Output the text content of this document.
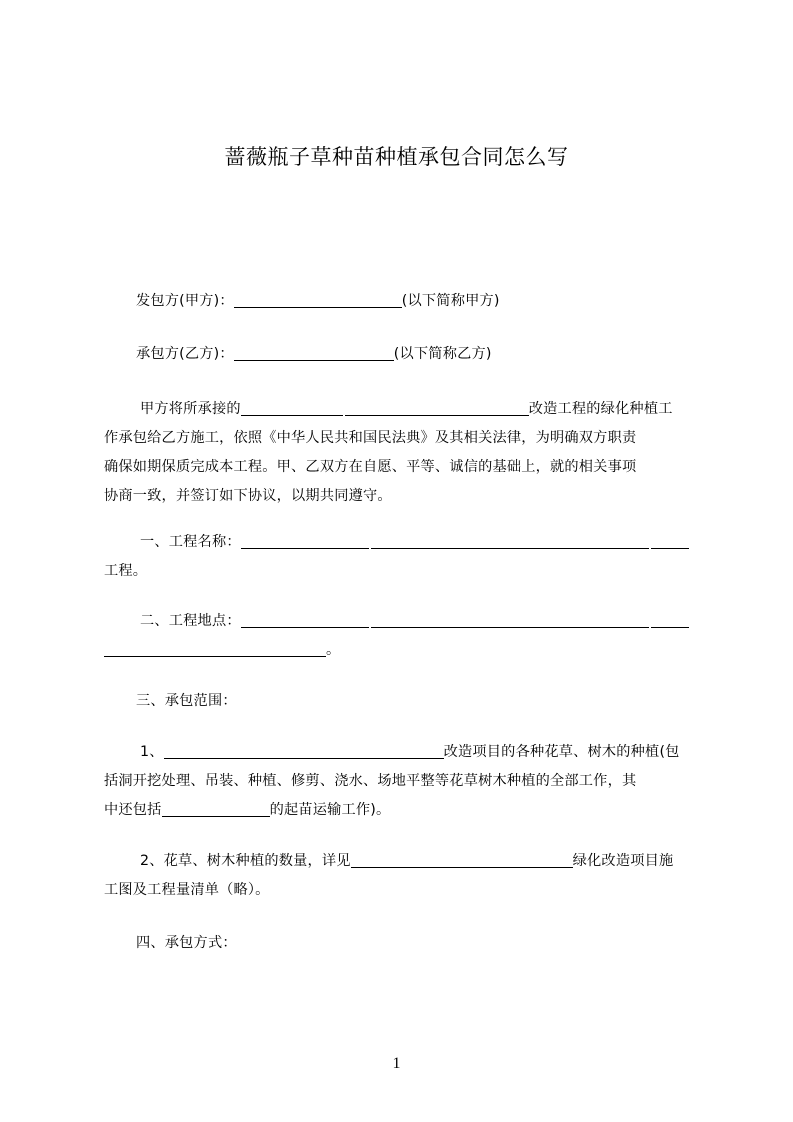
蔷薇瓶子草种苗种植承包合同怎么写
发包方(甲方)：	(以下简称甲方)
承包方(乙方)：	(以下简称乙方)
甲方将所承接的	改造工程的绿化种植工
作承包给乙方施工，依照《中华人民共和国民法典》及其相关法律，为明确双方职责
确保如期保质完成本工程。甲、乙双方在自愿、平等、诚信的基础上，就的相关事项
协商一致，并签订如下协议，以期共同遵守。
一、工程名称：
工程。
二、工程地点：
。
三、承包范围：
1、	改造项目的各种花草、树木的种植(包
括洞开挖处理、吊装、种植、修剪、浇水、场地平整等花草树木种植的全部工作，其
中还包括	的起苗运输工作)。
2、花草、树木种植的数量，详见	绿化改造项目施
工图及工程量清单（略）。
四、承包方式：
1
